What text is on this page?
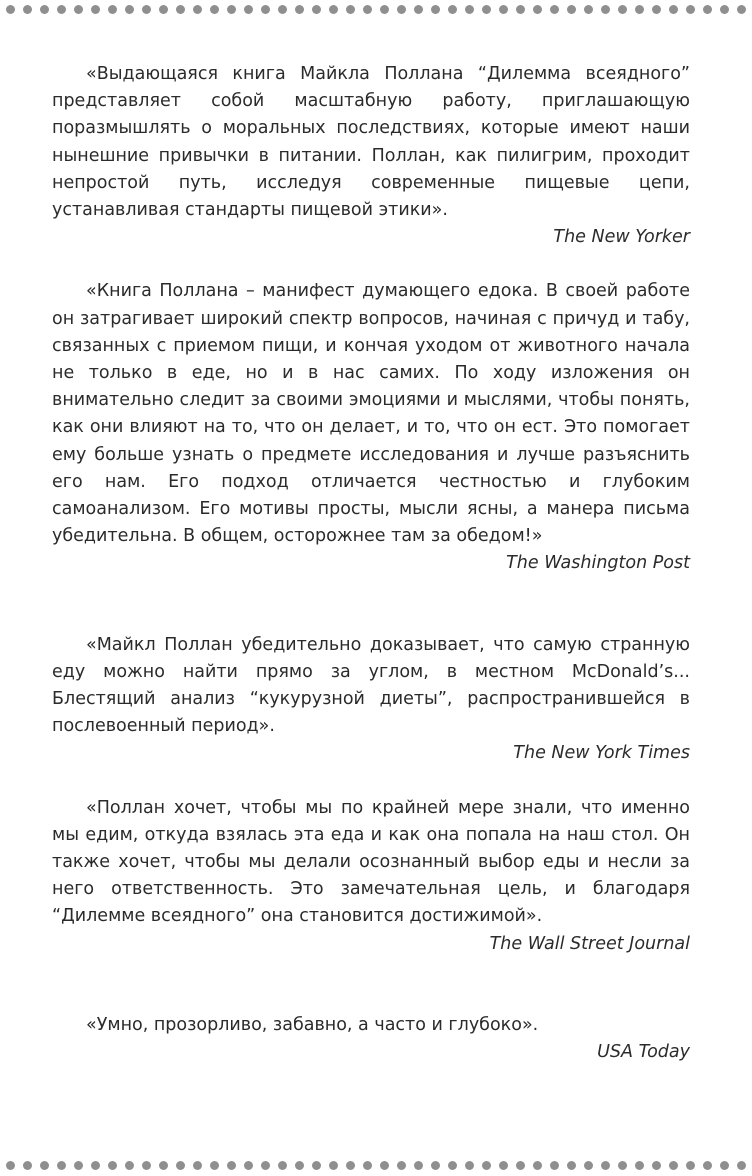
«Выдающаяся книга Майкла Поллана “Дилемма всеядного” представляет собой масштабную работу, приглашающую поразмышлять о моральных последствиях, которые имеют наши нынешние привычки в питании. Поллан, как пилигрим, проходит непростой путь, исследуя современные пищевые цепи, устанавливая стандарты пищевой этики».

The New Yorker

«Книга Поллана – манифест думающего едока. В своей работе он затрагивает широкий спектр вопросов, начиная с причуд и табу, связанных с приемом пищи, и кончая уходом от животного начала не только в еде, но и в нас самих. По ходу изложения он внимательно следит за своими эмоциями и мыслями, чтобы понять, как они влияют на то, что он делает, и то, что он ест. Это помогает ему больше узнать о предмете исследования и лучше разъяснить его нам. Его подход отличается честностью и глубоким самоанализом. Его мотивы просты, мысли ясны, а манера письма убедительна. В общем, осторожнее там за обедом!»

The Washington Post

«Майкл Поллан убедительно доказывает, что самую странную еду можно найти прямо за углом, в местном McDonald’s... Блестящий анализ “кукурузной диеты”, распространившейся в послевоенный период».

The New York Times

«Поллан хочет, чтобы мы по крайней мере знали, что именно мы едим, откуда взялась эта еда и как она попала на наш стол. Он также хочет, чтобы мы делали осознанный выбор еды и несли за него ответственность. Это замечательная цель, и благодаря “Дилемме всеядного” она становится достижимой».

The Wall Street Journal

«Умно, прозорливо, забавно, а часто и глубоко».

USA Today
